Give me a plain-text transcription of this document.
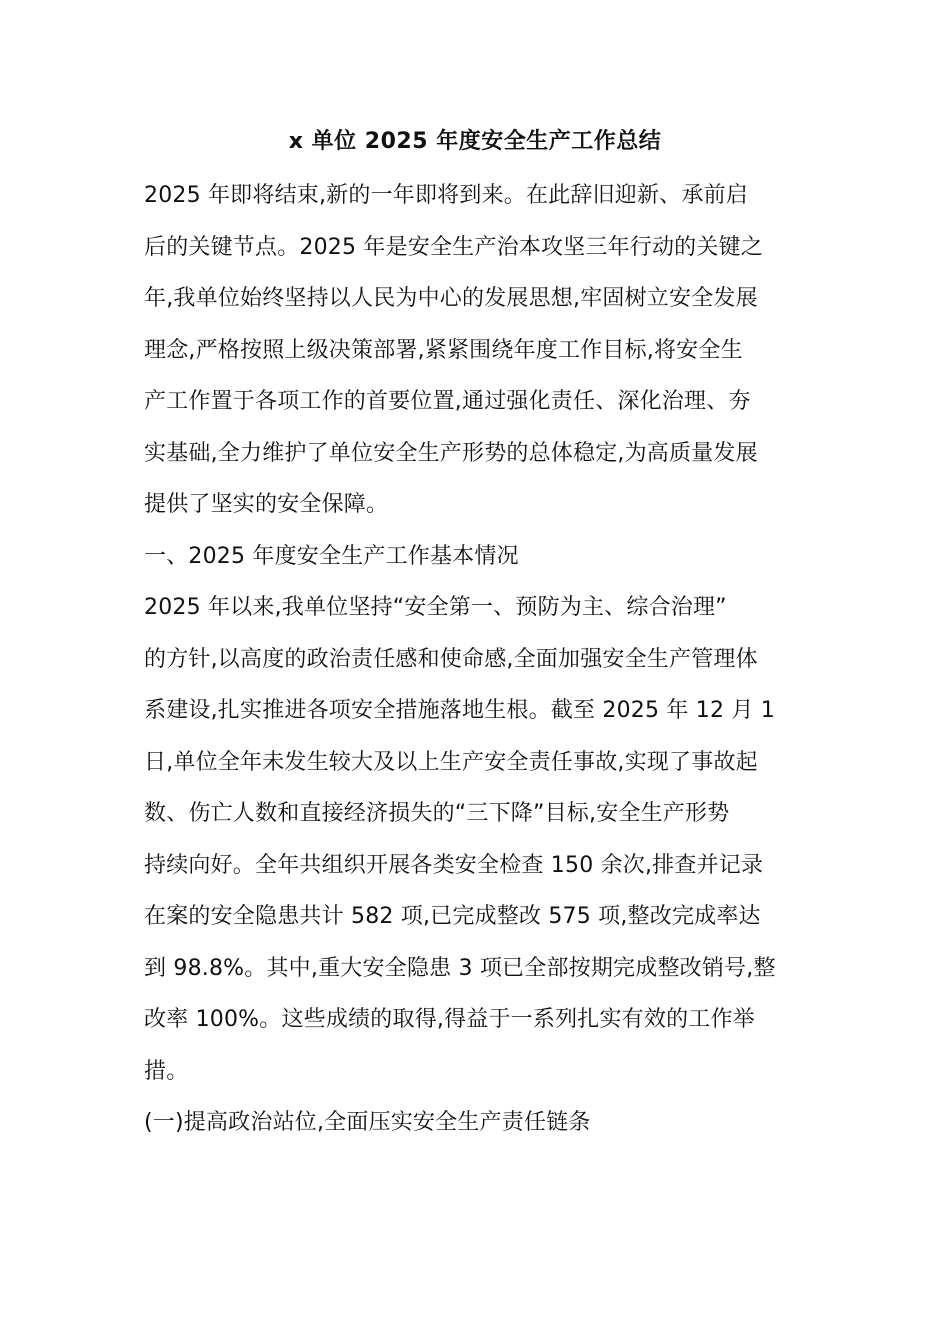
x 单位 2025 年度安全生产工作总结
2025 年即将结束,新的一年即将到来。在此辞旧迎新、承前启
后的关键节点。2025 年是安全生产治本攻坚三年行动的关键之
年,我单位始终坚持以人民为中心的发展思想,牢固树立安全发展
理念,严格按照上级决策部署,紧紧围绕年度工作目标,将安全生
产工作置于各项工作的首要位置,通过强化责任、深化治理、夯
实基础,全力维护了单位安全生产形势的总体稳定,为高质量发展
提供了坚实的安全保障。
一、2025 年度安全生产工作基本情况
2025 年以来,我单位坚持“安全第一、预防为主、综合治理”
的方针,以高度的政治责任感和使命感,全面加强安全生产管理体
系建设,扎实推进各项安全措施落地生根。截至 2025 年 12 月 1
日,单位全年未发生较大及以上生产安全责任事故,实现了事故起
数、伤亡人数和直接经济损失的“三下降”目标,安全生产形势
持续向好。全年共组织开展各类安全检查 150 余次,排查并记录
在案的安全隐患共计 582 项,已完成整改 575 项,整改完成率达
到 98.8%。其中,重大安全隐患 3 项已全部按期完成整改销号,整
改率 100%。这些成绩的取得,得益于一系列扎实有效的工作举
措。
(一)提高政治站位,全面压实安全生产责任链条
